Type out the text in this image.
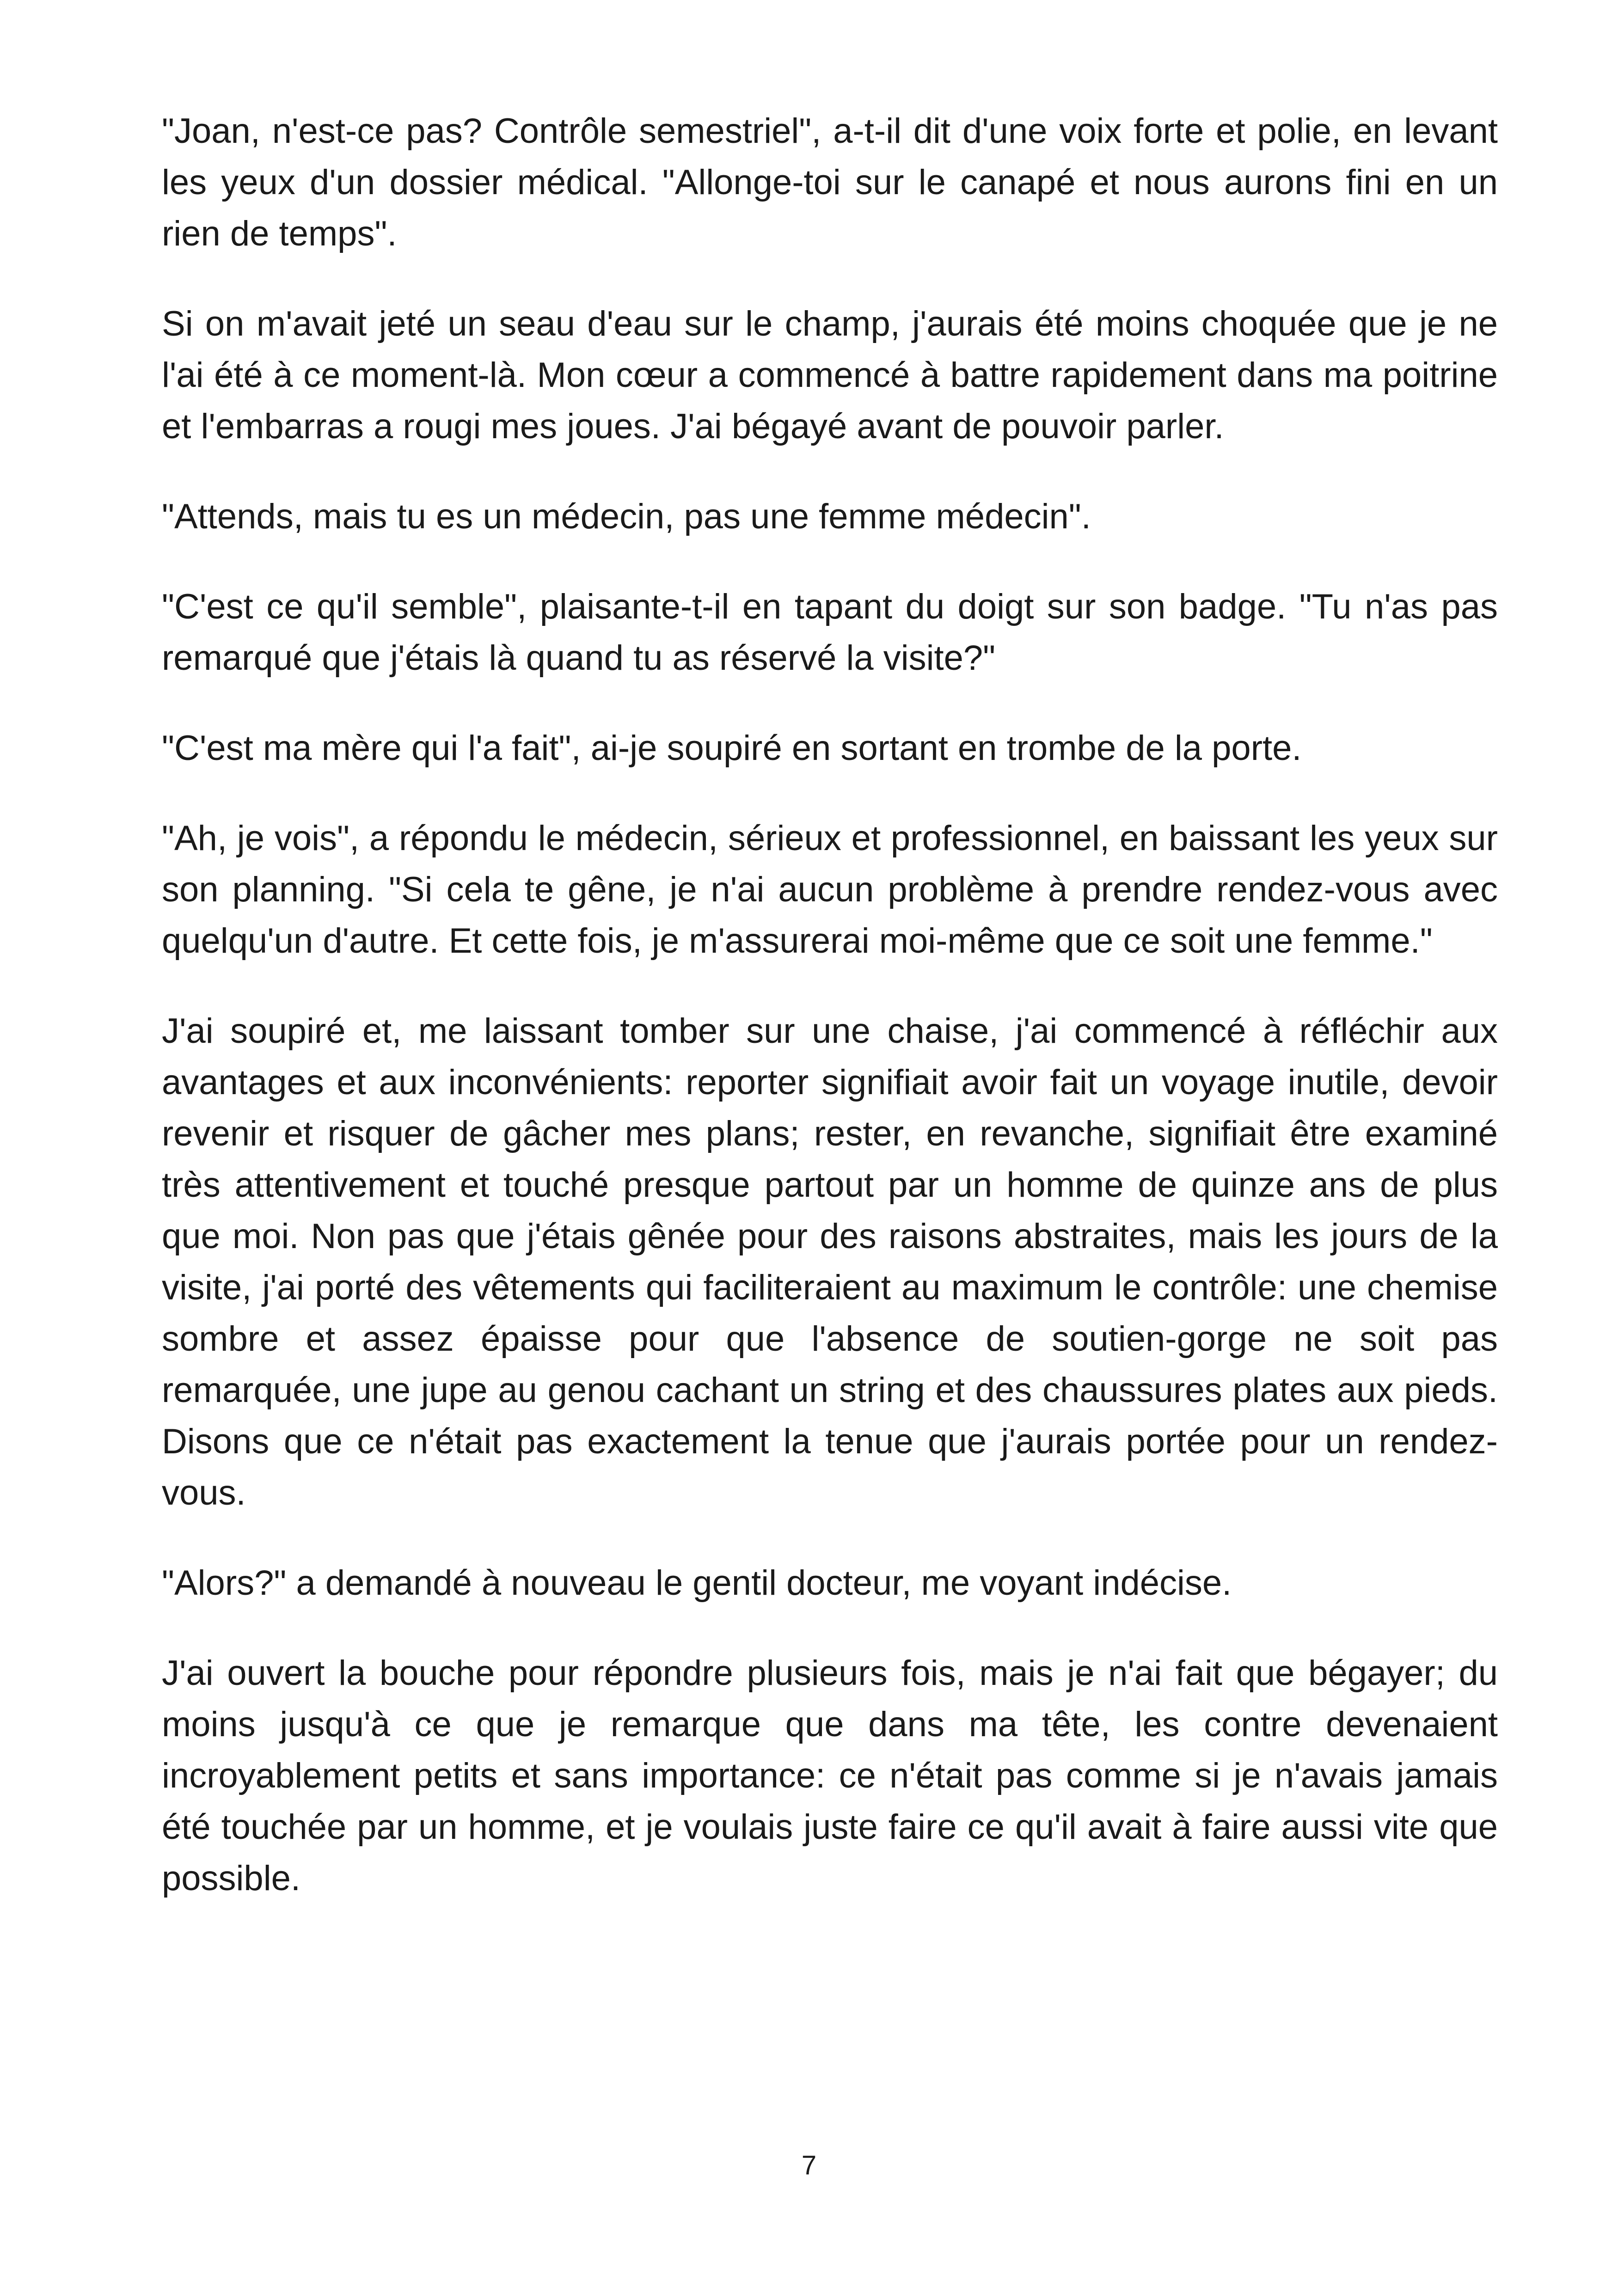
"Joan, n'est-ce pas? Contrôle semestriel", a-t-il dit d'une voix forte et polie, en levant les yeux d'un dossier médical. "Allonge-toi sur le canapé et nous aurons fini en un rien de temps".

Si on m'avait jeté un seau d'eau sur le champ, j'aurais été moins choquée que je ne l'ai été à ce moment-là. Mon cœur a commencé à battre rapidement dans ma poitrine et l'embarras a rougi mes joues. J'ai bégayé avant de pouvoir parler.

"Attends, mais tu es un médecin, pas une femme médecin".

"C'est ce qu'il semble", plaisante-t-il en tapant du doigt sur son badge. "Tu n'as pas remarqué que j'étais là quand tu as réservé la visite?"

"C'est ma mère qui l'a fait", ai-je soupiré en sortant en trombe de la porte.

"Ah, je vois", a répondu le médecin, sérieux et professionnel, en baissant les yeux sur son planning. "Si cela te gêne, je n'ai aucun problème à prendre rendez-vous avec quelqu'un d'autre. Et cette fois, je m'assurerai moi-même que ce soit une femme."

J'ai soupiré et, me laissant tomber sur une chaise, j'ai commencé à réfléchir aux avantages et aux inconvénients: reporter signifiait avoir fait un voyage inutile, devoir revenir et risquer de gâcher mes plans; rester, en revanche, signifiait être examiné très attentivement et touché presque partout par un homme de quinze ans de plus que moi. Non pas que j'étais gênée pour des raisons abstraites, mais les jours de la visite, j'ai porté des vêtements qui faciliteraient au maximum le contrôle: une chemise sombre et assez épaisse pour que l'absence de soutien-gorge ne soit pas remarquée, une jupe au genou cachant un string et des chaussures plates aux pieds. Disons que ce n'était pas exactement la tenue que j'aurais portée pour un rendez-vous.

"Alors?" a demandé à nouveau le gentil docteur, me voyant indécise.

J'ai ouvert la bouche pour répondre plusieurs fois, mais je n'ai fait que bégayer; du moins jusqu'à ce que je remarque que dans ma tête, les contre devenaient incroyablement petits et sans importance: ce n'était pas comme si je n'avais jamais été touchée par un homme, et je voulais juste faire ce qu'il avait à faire aussi vite que possible.

7
